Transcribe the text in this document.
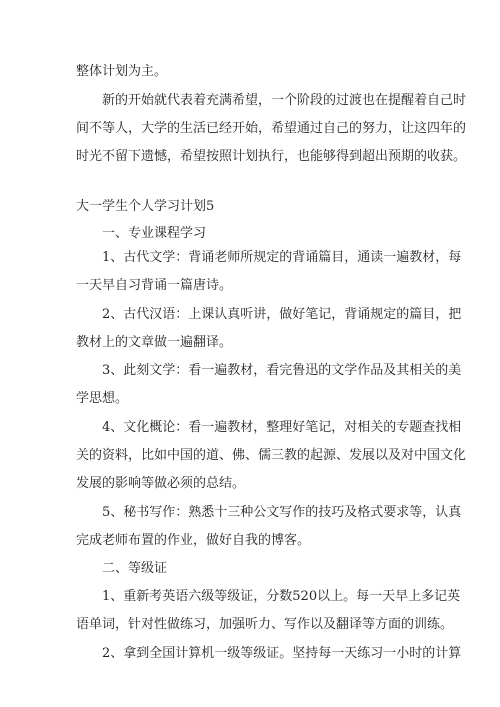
整体计划为主。
新的开始就代表着充满希望，一个阶段的过渡也在提醒着自己时
间不等人，大学的生活已经开始，希望通过自己的努力，让这四年的
时光不留下遗憾，希望按照计划执行，也能够得到超出预期的收获。
大一学生个人学习计划5
一、专业课程学习
1、古代文学：背诵老师所规定的背诵篇目，通读一遍教材，每
一天早自习背诵一篇唐诗。
2、古代汉语：上课认真听讲，做好笔记，背诵规定的篇目，把
教材上的文章做一遍翻译。
3、此刻文学：看一遍教材，看完鲁迅的文学作品及其相关的美
学思想。
4、文化概论：看一遍教材，整理好笔记，对相关的专题查找相
关的资料，比如中国的道、佛、儒三教的起源、发展以及对中国文化
发展的影响等做必须的总结。
5、秘书写作：熟悉十三种公文写作的技巧及格式要求等，认真
完成老师布置的作业，做好自我的博客。
二、等级证
1、重新考英语六级等级证，分数520以上。每一天早上多记英
语单词，针对性做练习，加强听力、写作以及翻译等方面的训练。
2、拿到全国计算机一级等级证。坚持每一天练习一小时的计算
